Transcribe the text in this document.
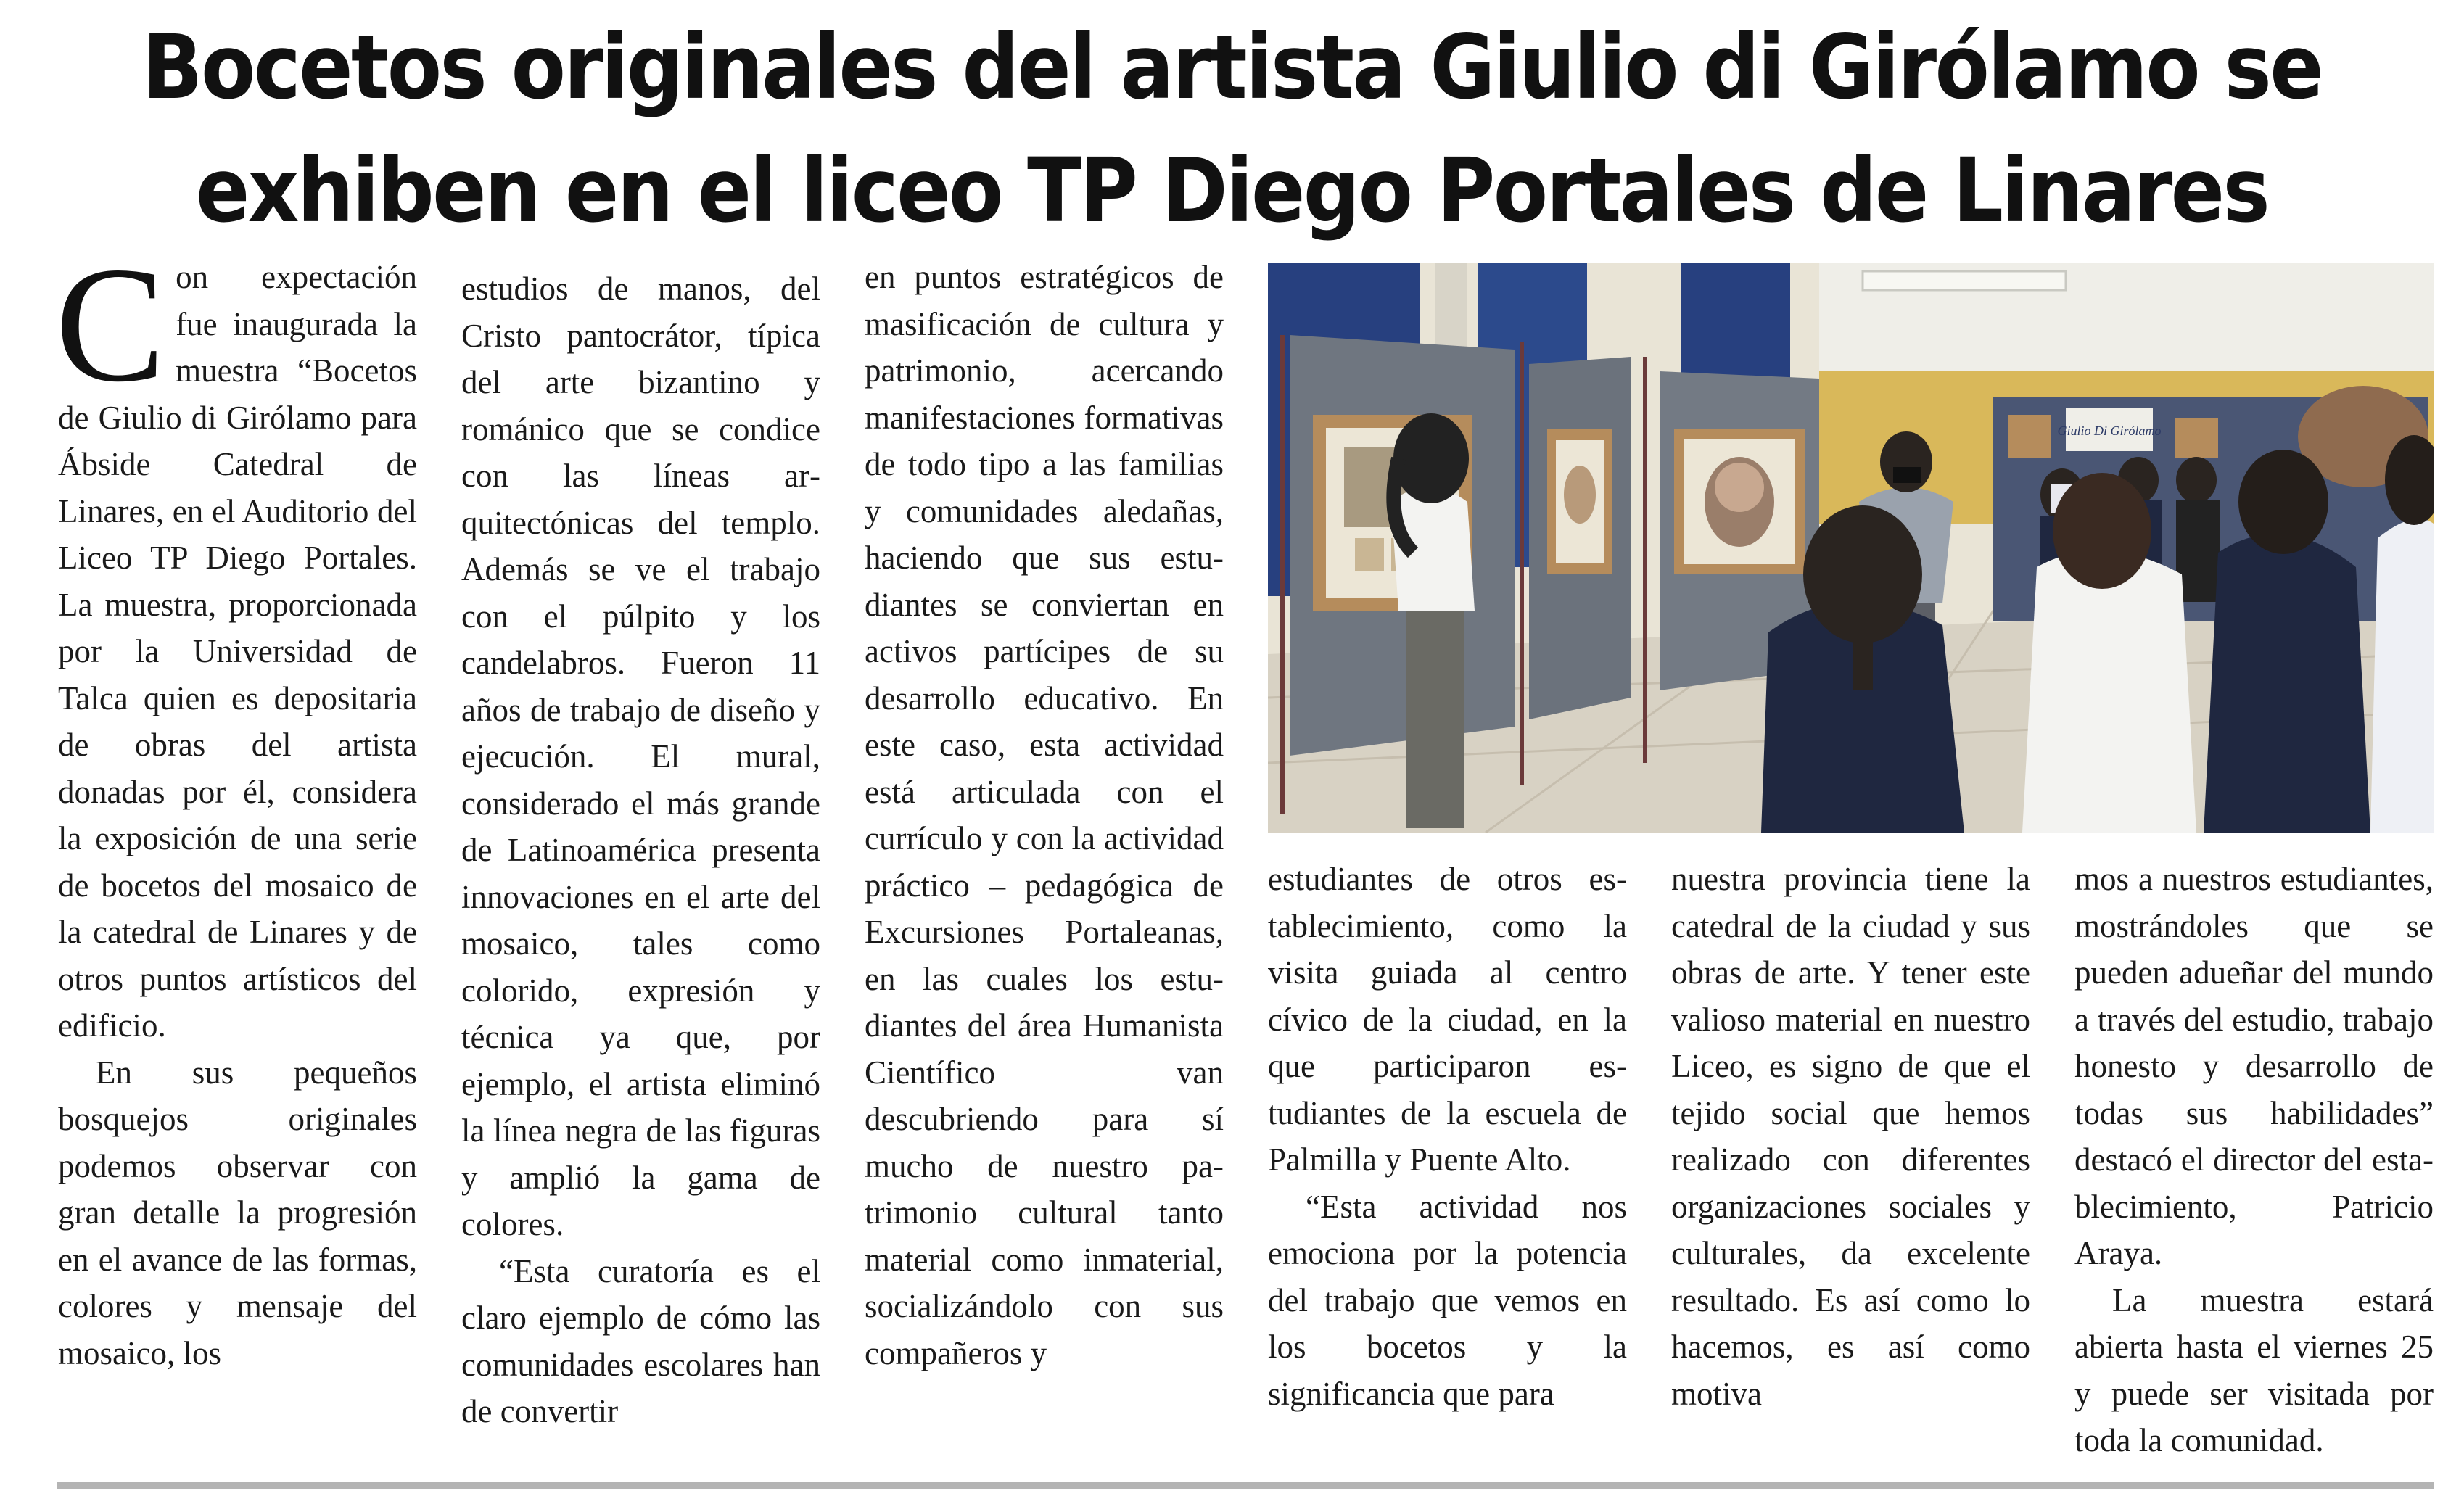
Bocetos originales del artista Giulio di Girólamo se
exhiben en el liceo TP Diego Portales de Linares

Con expectación fue inaugurada la muestra “Bocetos de Giulio di Girólamo para Ábside Catedral de Linares, en el Auditorio del Liceo TP Diego Portales. La muestra, proporcionada por la Universidad de Talca quien es depositaria de obras del artista donadas por él, considera la exposición de una serie de bocetos del mosaico de la catedral de Linares y de otros puntos artísticos del edificio.

En sus pequeños bosquejos originales podemos observar con gran detalle la progresión en el avance de las formas, colores y mensaje del mosaico, los

estudios de manos, del Cristo pantocrátor, típica del arte bizantino y románico que se condice con las líneas arquitectónicas del templo. Además se ve el trabajo con el púlpito y los candelabros. Fueron 11 años de trabajo de diseño y ejecución. El mural, considerado el más grande de Latinoamérica presenta innovaciones en el arte del mosaico, tales como colorido, expresión y técnica ya que, por ejemplo, el artista eliminó la línea negra de las figuras y amplió la gama de colores.

“Esta curatoría es el claro ejemplo de cómo las comunidades escolares han de convertir

en puntos estratégicos de masificación de cultura y patrimonio, acercando manifestaciones formativas de todo tipo a las familias y comunidades aledañas, haciendo que sus estudiantes se conviertan en activos partícipes de su desarrollo educativo. En este caso, esta actividad está articulada con el currículo y con la actividad práctico – pedagógica de Excursiones Portaleanas, en las cuales los estudiantes del área Humanista Científico van descubriendo para sí mucho de nuestro patrimonio cultural tanto material como inmaterial, socializándolo con sus compañeros y

Giulio Di Girólamo

estudiantes de otros establecimiento, como la visita guiada al centro cívico de la ciudad, en la que participaron estudiantes de la escuela de Palmilla y Puente Alto.

“Esta actividad nos emociona por la potencia del trabajo que vemos en los bocetos y la significancia que para

nuestra provincia tiene la catedral de la ciudad y sus obras de arte. Y tener este valioso material en nuestro Liceo, es signo de que el tejido social que hemos realizado con diferentes organizaciones sociales y culturales, da excelente resultado. Es así como lo hacemos, es así como motiva

mos a nuestros estudiantes, mostrándoles que se pueden adueñar del mundo a través del estudio, trabajo honesto y desarrollo de todas sus habilidades” destacó el director del establecimiento, Patricio Araya.

La muestra estará abierta hasta el viernes 25 y puede ser visitada por toda la comunidad.
